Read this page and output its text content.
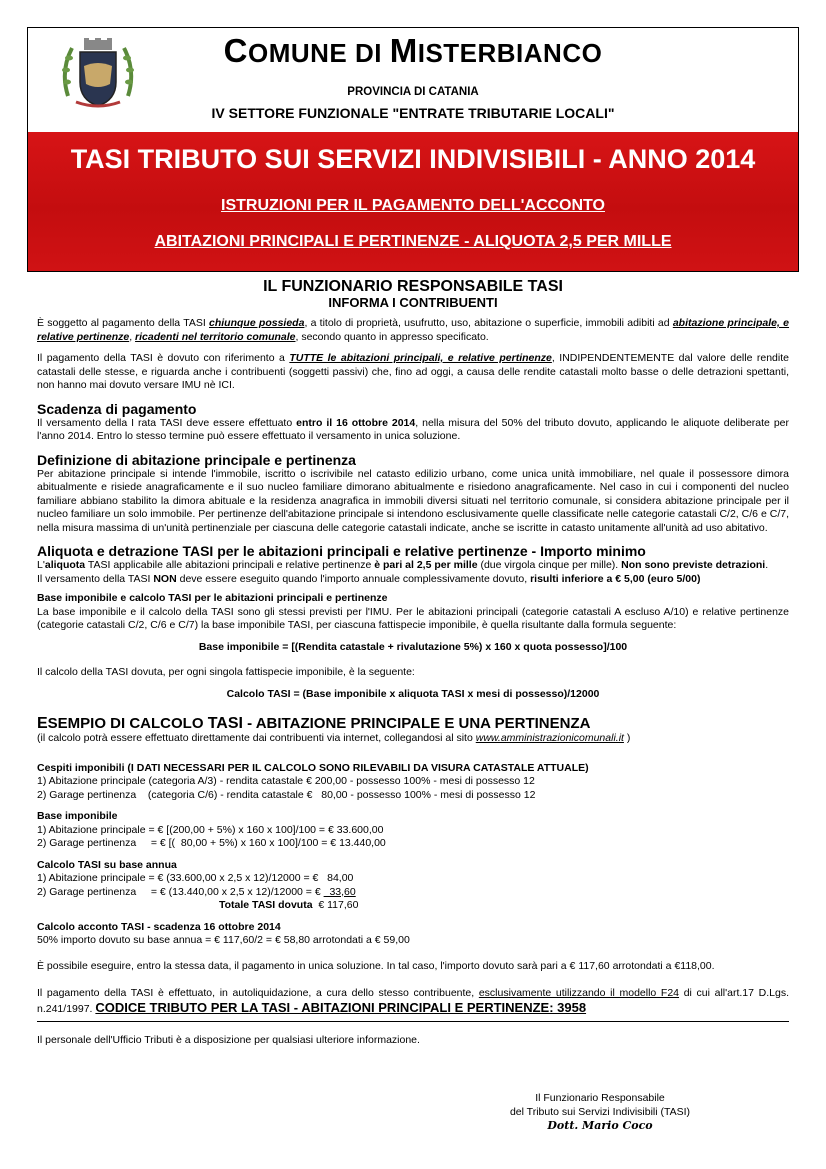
COMUNE DI MISTERBIANCO
PROVINCIA DI CATANIA
IV SETTORE FUNZIONALE "ENTRATE TRIBUTARIE LOCALI"
TASI TRIBUTO SUI SERVIZI INDIVISIBILI - ANNO 2014
ISTRUZIONI PER IL PAGAMENTO DELL'ACCONTO
ABITAZIONI PRINCIPALI E PERTINENZE - ALIQUOTA 2,5 PER MILLE
IL FUNZIONARIO RESPONSABILE TASI
INFORMA I CONTRIBUENTI

È soggetto al pagamento della TASI chiunque possieda, a titolo di proprietà, usufrutto, uso, abitazione o superficie, immobili adibiti ad abitazione principale, e relative pertinenze, ricadenti nel territorio comunale, secondo quanto in appresso specificato.

Il pagamento della TASI è dovuto con riferimento a TUTTE le abitazioni principali, e relative pertinenze, INDIPENDENTEMENTE dal valore delle rendite catastali delle stesse, e riguarda anche i contribuenti (soggetti passivi) che, fino ad oggi, a causa delle rendite catastali molto basse o delle detrazioni spettanti, non hanno mai dovuto versare IMU nè ICI.

Scadenza di pagamento

Il versamento della I rata TASI deve essere effettuato entro il 16 ottobre 2014, nella misura del 50% del tributo dovuto, applicando le aliquote deliberate per l'anno 2014. Entro lo stesso termine può essere effettuato il versamento in unica soluzione.

Definizione di abitazione principale e pertinenza

Per abitazione principale si intende l'immobile, iscritto o iscrivibile nel catasto edilizio urbano, come unica unità immobiliare, nel quale il possessore dimora abitualmente e risiede anagraficamente e il suo nucleo familiare dimorano abitualmente e risiedono anagraficamente. Nel caso in cui i componenti del nucleo familiare abbiano stabilito la dimora abituale e la residenza anagrafica in immobili diversi situati nel territorio comunale, si considera abitazione principale per il nucleo familiare un solo immobile. Per pertinenze dell'abitazione principale si intendono esclusivamente quelle classificate nelle categorie catastali C/2, C/6 e C/7, nella misura massima di un'unità pertinenziale per ciascuna delle categorie catastali indicate, anche se iscritte in catasto unitamente all'unità ad uso abitativo.

Aliquota e detrazione TASI per le abitazioni principali e relative pertinenze - Importo minimo
L'aliquota TASI applicabile alle abitazioni principali e relative pertinenze è pari al 2,5 per mille (due virgola cinque per mille). Non sono previste detrazioni.
Il versamento della TASI NON deve essere eseguito quando l'importo annuale complessivamente dovuto, risulti inferiore a € 5,00 (euro 5/00)
Base imponibile e calcolo TASI per le abitazioni principali e pertinenze

La base imponibile e il calcolo della TASI sono gli stessi previsti per l'IMU. Per le abitazioni principali (categorie catastali A escluso A/10) e relative pertinenze (categorie catastali C/2, C/6 e C/7) la base imponibile TASI, per ciascuna fattispecie imponibile, è quella risultante dalla formula seguente:

Base imponibile = [(Rendita catastale + rivalutazione 5%) x 160 x quota possesso]/100
Il calcolo della TASI dovuta, per ogni singola fattispecie imponibile, è la seguente:
Calcolo TASI = (Base imponibile x aliquota TASI x mesi di possesso)/12000
ESEMPIO DI CALCOLO TASI - ABITAZIONE PRINCIPALE E UNA PERTINENZA
(il calcolo potrà essere effettuato direttamente dai contribuenti via internet, collegandosi al sito www.amministrazionicomunali.it )
Cespiti imponibili (I DATI NECESSARI PER IL CALCOLO SONO RILEVABILI DA VISURA CATASTALE ATTUALE)
1) Abitazione principale (categoria A/3) - rendita catastale € 200,00 - possesso 100% - mesi di possesso 12
2) Garage pertinenza    (categoria C/6) - rendita catastale €   80,00 - possesso 100% - mesi di possesso 12
Base imponibile
1) Abitazione principale = € [(200,00 + 5%) x 160 x 100]/100 = € 33.600,00
2) Garage pertinenza     = € [(  80,00 + 5%) x 160 x 100]/100 = € 13.440,00
Calcolo TASI su base annua
1) Abitazione principale = € (33.600,00 x 2,5 x 12)/12000 = €   84,00
2) Garage pertinenza     = € (13.440,00 x 2,5 x 12)/12000 = €   33,60
Totale TASI dovuta  € 117,60
Calcolo acconto TASI - scadenza 16 ottobre 2014
50% importo dovuto su base annua = € 117,60/2 = € 58,80 arrotondati a € 59,00

È possibile eseguire, entro la stessa data, il pagamento in unica soluzione. In tal caso, l'importo dovuto sarà pari a € 117,60 arrotondati a €118,00.

Il pagamento della TASI è effettuato, in autoliquidazione, a cura dello stesso contribuente, esclusivamente utilizzando il modello F24 di cui all'art.17 D.Lgs. n.241/1997. CODICE TRIBUTO PER LA TASI - ABITAZIONI PRINCIPALI E PERTINENZE: 3958
Il personale dell'Ufficio Tributi è a disposizione per qualsiasi ulteriore informazione.
Il Funzionario Responsabile
del Tributo sui Servizi Indivisibili (TASI)
Dott. Mario Coco
